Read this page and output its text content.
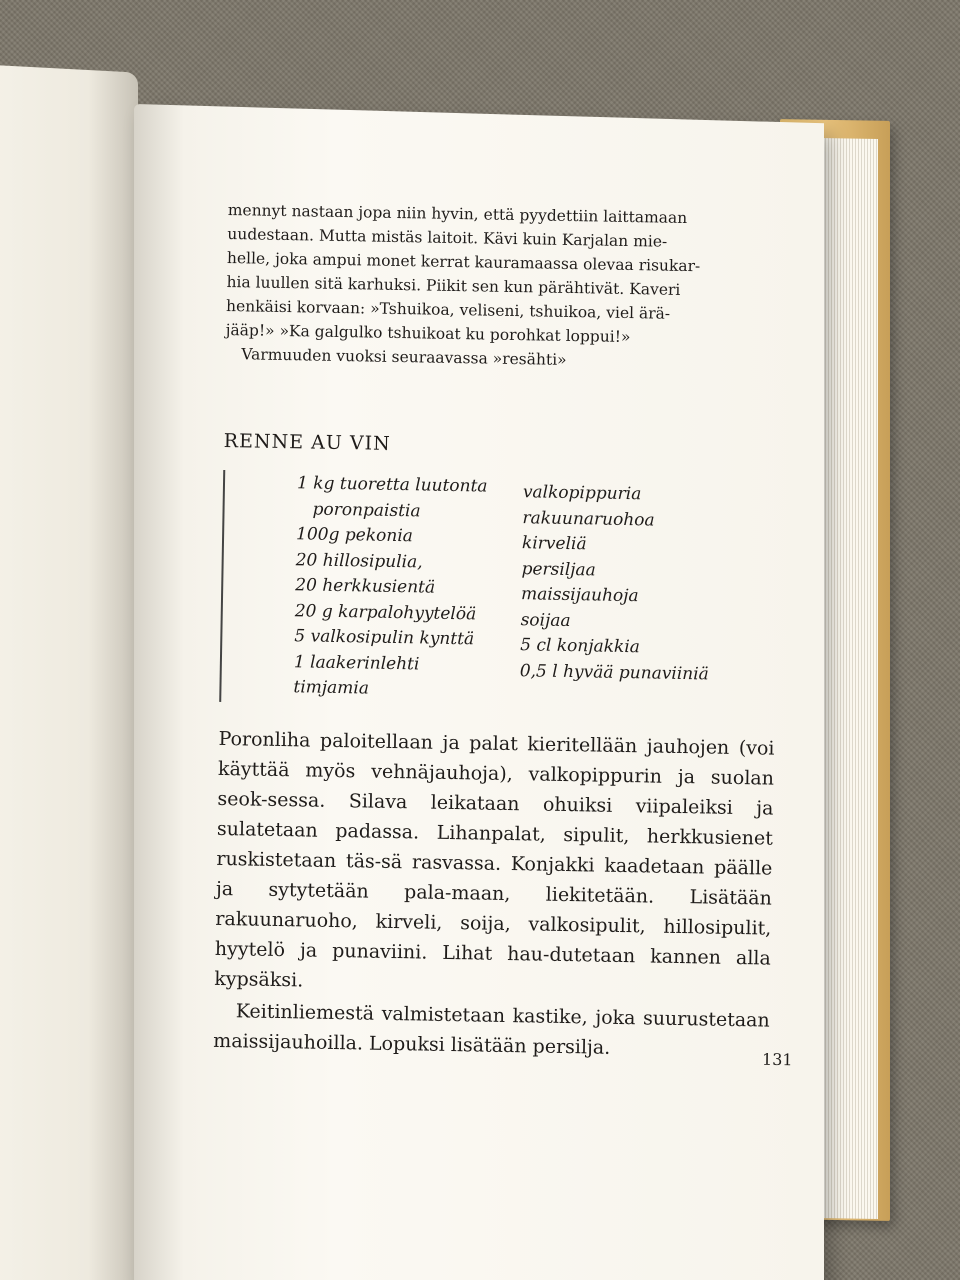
mennyt nastaan jopa niin hyvin, että pyydettiin laittamaan
uudestaan. Mutta mistäs laitoit. Kävi kuin Karjalan mie-
helle, joka ampui monet kerrat kauramaassa olevaa risukar-
hia luullen sitä karhuksi. Piikit sen kun pärähtivät. Kaveri
henkäisi korvaan: »Tshuikoa, veliseni, tshuikoa, viel ärä-
jääp!» »Ka galgulko tshuikoat ku porohkat loppui!»
Varmuuden vuoksi seuraavassa »resähti»
RENNE AU VIN
1 kg tuoretta luutonta
poronpaistia
100g pekonia
20 hillosipulia,
20 herkkusientä
20 g karpalohyytelöä
5 valkosipulin kynttä
1 laakerinlehti
timjamia
valkopippuria
rakuunaruohoa
kirveliä
persiljaa
maissijauhoja
soijaa
5 cl konjakkia
0,5 l hyvää punaviiniä

Poronliha paloitellaan ja palat kieritellään jauhojen (voi käyttää myös vehnäjauhoja), valkopippurin ja suolan seok-sessa. Silava leikataan ohuiksi viipaleiksi ja sulatetaan padassa. Lihanpalat, sipulit, herkkusienet ruskistetaan täs-sä rasvassa. Konjakki kaadetaan päälle ja sytytetään pala-maan, liekitetään. Lisätään rakuunaruoho, kirveli, soija, valkosipulit, hillosipulit, hyytelö ja punaviini. Lihat hau-dutetaan kannen alla kypsäksi.

Keitinliemestä valmistetaan kastike, joka suurustetaan maissijauhoilla. Lopuksi lisätään persilja.

131
